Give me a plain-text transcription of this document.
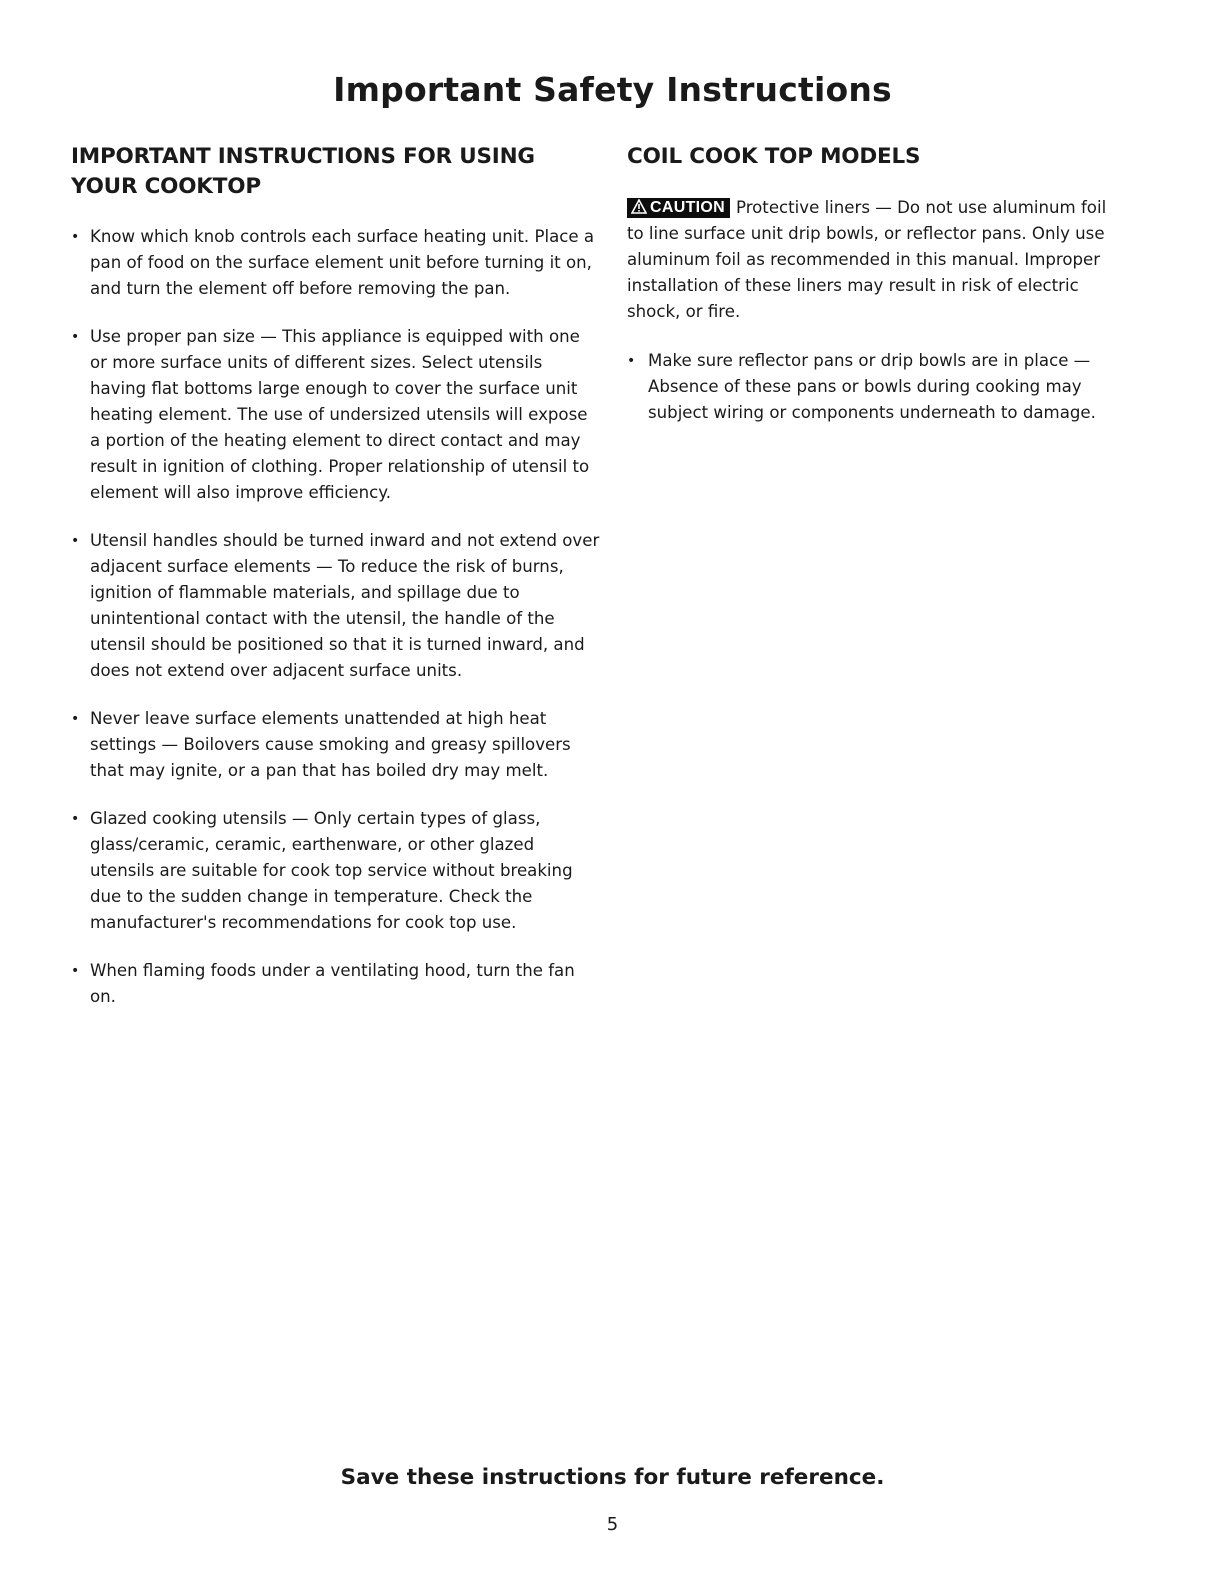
Important Safety Instructions
IMPORTANT INSTRUCTIONS FOR USING YOUR COOKTOP
• Know which knob controls each surface heating unit. Place a pan of food on the surface element unit before turning it on, and turn the element off before removing the pan.
• Use proper pan size — This appliance is equipped with one or more surface units of different sizes. Select utensils having flat bottoms large enough to cover the surface unit heating element. The use of undersized utensils will expose a portion of the heating element to direct contact and may result in ignition of clothing. Proper relationship of utensil to element will also improve efficiency.
• Utensil handles should be turned inward and not extend over adjacent surface elements — To reduce the risk of burns, ignition of flammable materials, and spillage due to unintentional contact with the utensil, the handle of the utensil should be positioned so that it is turned inward, and does not extend over adjacent surface units.
• Never leave surface elements unattended at high heat settings — Boilovers cause smoking and greasy spillovers that may ignite, or a pan that has boiled dry may melt.
• Glazed cooking utensils — Only certain types of glass, glass/ceramic, ceramic, earthenware, or other glazed utensils are suitable for cook top service without breaking due to the sudden change in temperature. Check the manufacturer's recommendations for cook top use.
• When flaming foods under a ventilating hood, turn the fan on.
COIL COOK TOP MODELS

CAUTION Protective liners — Do not use aluminum foil to line surface unit drip bowls, or reflector pans. Only use aluminum foil as recommended in this manual. Improper installation of these liners may result in risk of electric shock, or fire.

• Make sure reflector pans or drip bowls are in place — Absence of these pans or bowls during cooking may subject wiring or components underneath to damage.

Save these instructions for future reference.

5
